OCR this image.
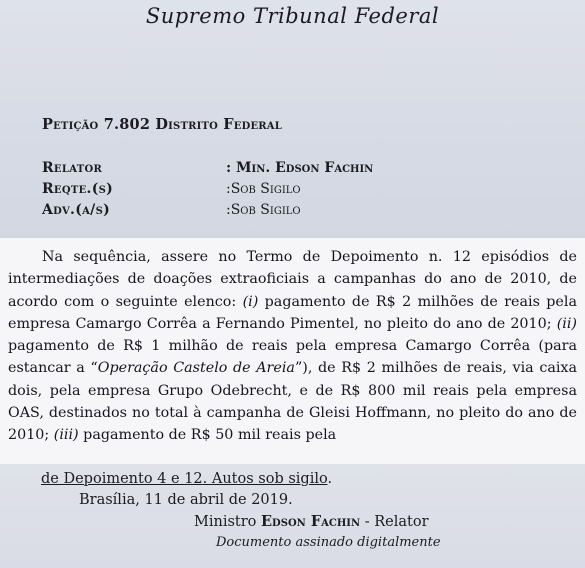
Supremo Tribunal Federal
Petição 7.802 Distrito Federal
Relator	: Min. Edson Fachin
Reqte.(s)	:Sob Sigilo
Adv.(a/s)	:Sob Sigilo

Na sequência, assere no Termo de Depoimento n. 12 episódios de intermediações de doações extraoficiais a campanhas do ano de 2010, de acordo com o seguinte elenco: (i) pagamento de R$ 2 milhões de reais pela empresa Camargo Corrêa a Fernando Pimentel, no pleito do ano de 2010; (ii) pagamento de R$ 1 milhão de reais pela empresa Camargo Corrêa (para estancar a “Operação Castelo de Areia”), de R$ 2 milhões de reais, via caixa dois, pela empresa Grupo Odebrecht, e de R$ 800 mil reais pela empresa OAS, destinados no total à campanha de Gleisi Hoffmann, no pleito do ano de 2010; (iii) pagamento de R$ 50 mil reais pela

de Depoimento 4 e 12. Autos sob sigilo.
Brasília, 11 de abril de 2019.
Ministro Edson Fachin - Relator
Documento assinado digitalmente
